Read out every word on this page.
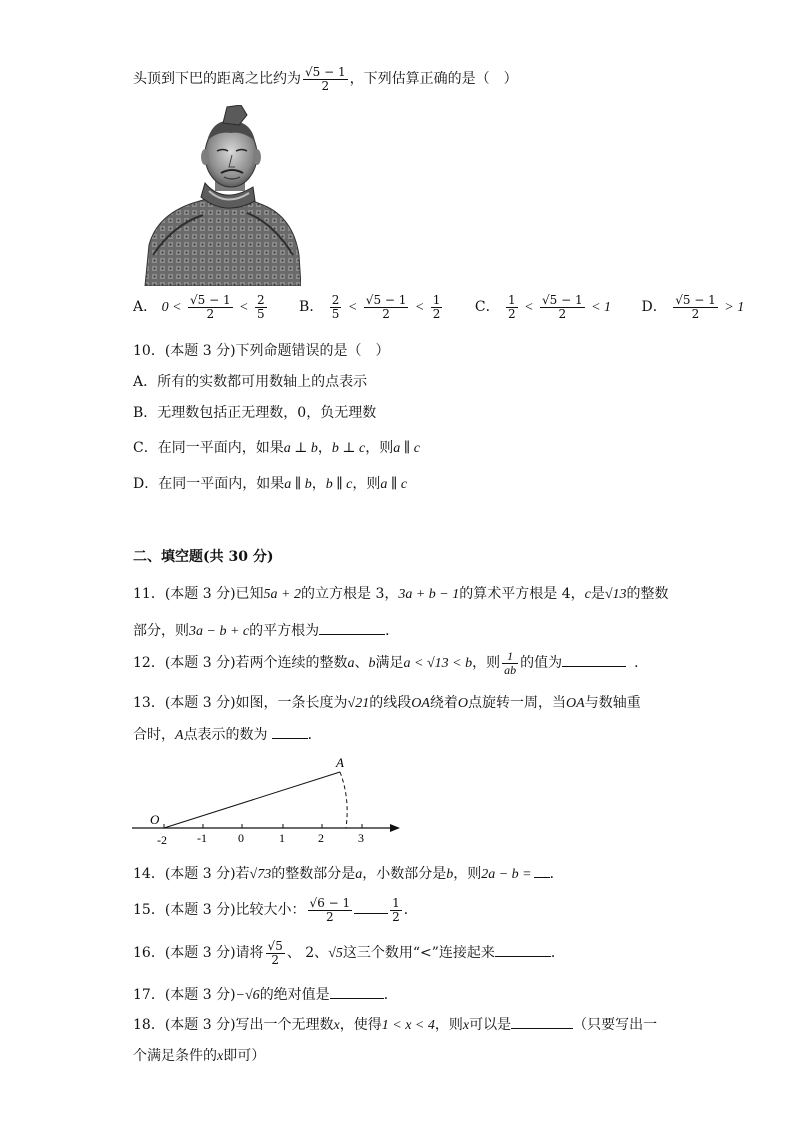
头顶到下巴的距离之比约为 $\frac{√5 - 1}{2}$ ，下列估算正确的是（　）
A． $0 < \frac{√5 - 1}{2} < \frac{2}{5}$ B． $\frac{2}{5} < \frac{√5 - 1}{2} < \frac{1}{2}$ C． $\frac{1}{2} < \frac{√5 - 1}{2} < 1$ D． $\frac{√5 - 1}{2} > 1$
10．(本题 3 分)下列命题错误的是（　）
A．所有的实数都可用数轴上的点表示
B．无理数包括正无理数，0，负无理数
C．在同一平面内，如果a ⊥ b，b ⊥ c，则a ∥ c
D．在同一平面内，如果a ∥ b，b ∥ c，则a ∥ c
二、填空题(共 30 分)
11．(本题 3 分)已知5a + 2的立方根是 3，3a + b − 1的算术平方根是 4，c是√13的整数
部分，则3a − b + c的平方根为	．
12．(本题 3 分)若两个连续的整数a、b满足a < √13 < b，则 $\frac{1}{ab}$ 的值为	．
13．(本题 3 分)如图，一条长度为√21的线段OA绕着O点旋转一周，当OA与数轴重
合时，A点表示的数为	．
O
A
-2	-1	0	1	2	3
14．(本题 3 分)若√73的整数部分是a，小数部分是b，则2a − b = ．
15．(本题 3 分)比较大小： $\frac{√6 - 1}{2}$	$\frac{1}{2}$ ．
16．(本题 3 分)请将 $\frac{√5}{2}$ 、 2、√5这三个数用“<”连接起来	．
17．(本题 3 分)−√6的绝对值是	．
18．(本题 3 分)写出一个无理数x，使得1 < x < 4，则x可以是	（只要写出一
个满足条件的x即可）
